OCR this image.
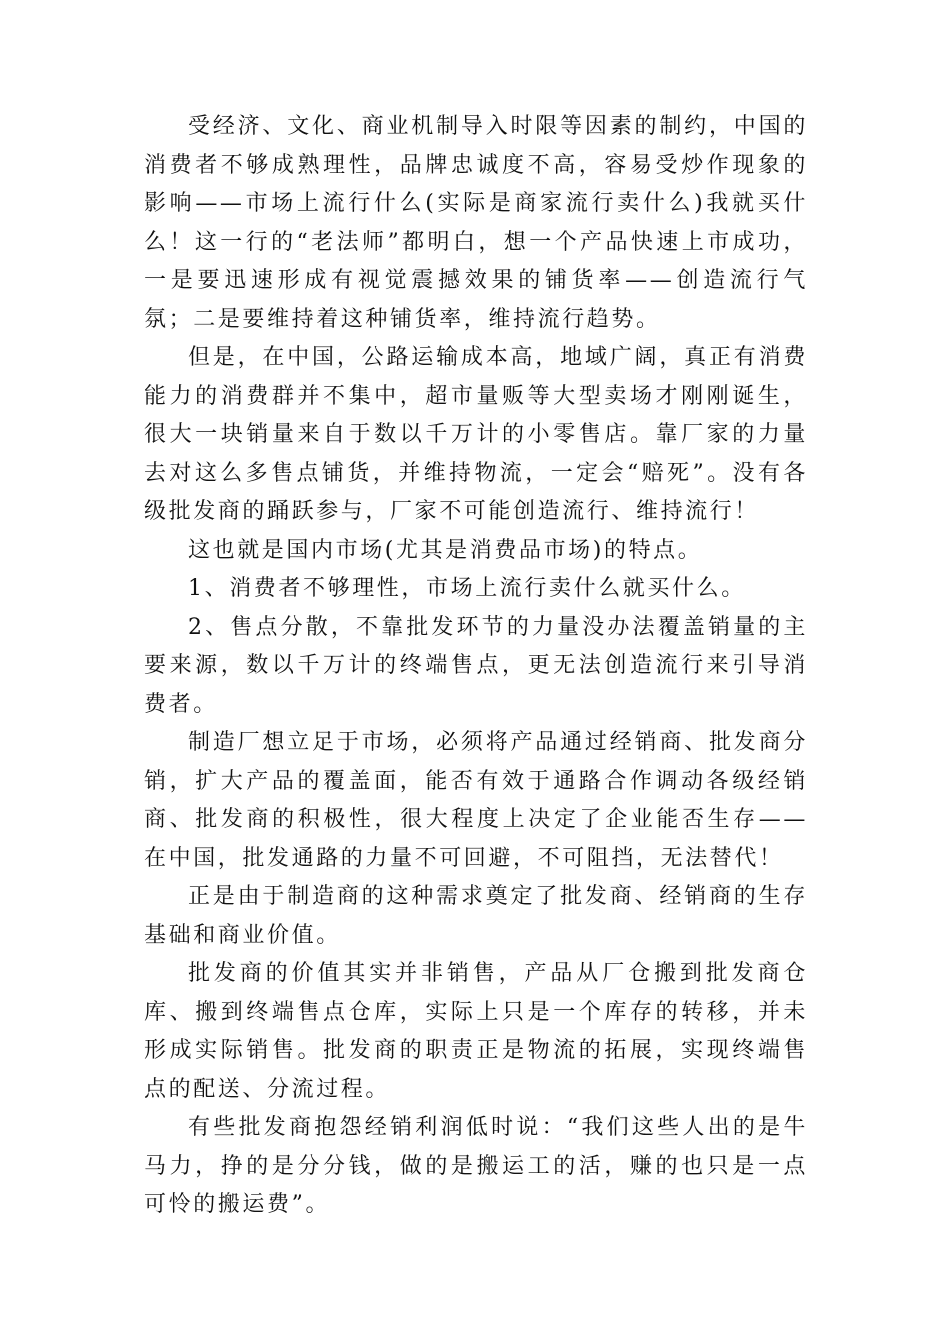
受经济、文化、商业机制导入时限等因素的制约，中国的消费者不够成熟理性，品牌忠诚度不高，容易受炒作现象的影响——市场上流行什么(实际是商家流行卖什么)我就买什么！这一行的“老法师”都明白，想一个产品快速上市成功，一是要迅速形成有视觉震撼效果的铺货率——创造流行气氛；二是要维持着这种铺货率，维持流行趋势。

但是，在中国，公路运输成本高，地域广阔，真正有消费能力的消费群并不集中，超市量贩等大型卖场才刚刚诞生，很大一块销量来自于数以千万计的小零售店。靠厂家的力量去对这么多售点铺货，并维持物流，一定会“赔死”。没有各级批发商的踊跃参与，厂家不可能创造流行、维持流行！

这也就是国内市场(尤其是消费品市场)的特点。

1、消费者不够理性，市场上流行卖什么就买什么。

2、售点分散，不靠批发环节的力量没办法覆盖销量的主要来源，数以千万计的终端售点，更无法创造流行来引导消费者。

制造厂想立足于市场，必须将产品通过经销商、批发商分销，扩大产品的覆盖面，能否有效于通路合作调动各级经销商、批发商的积极性，很大程度上决定了企业能否生存——在中国，批发通路的力量不可回避，不可阻挡，无法替代！

正是由于制造商的这种需求奠定了批发商、经销商的生存基础和商业价值。

批发商的价值其实并非销售，产品从厂仓搬到批发商仓库、搬到终端售点仓库，实际上只是一个库存的转移，并未形成实际销售。批发商的职责正是物流的拓展，实现终端售点的配送、分流过程。

有些批发商抱怨经销利润低时说：“我们这些人出的是牛马力，挣的是分分钱，做的是搬运工的活，赚的也只是一点可怜的搬运费”。
